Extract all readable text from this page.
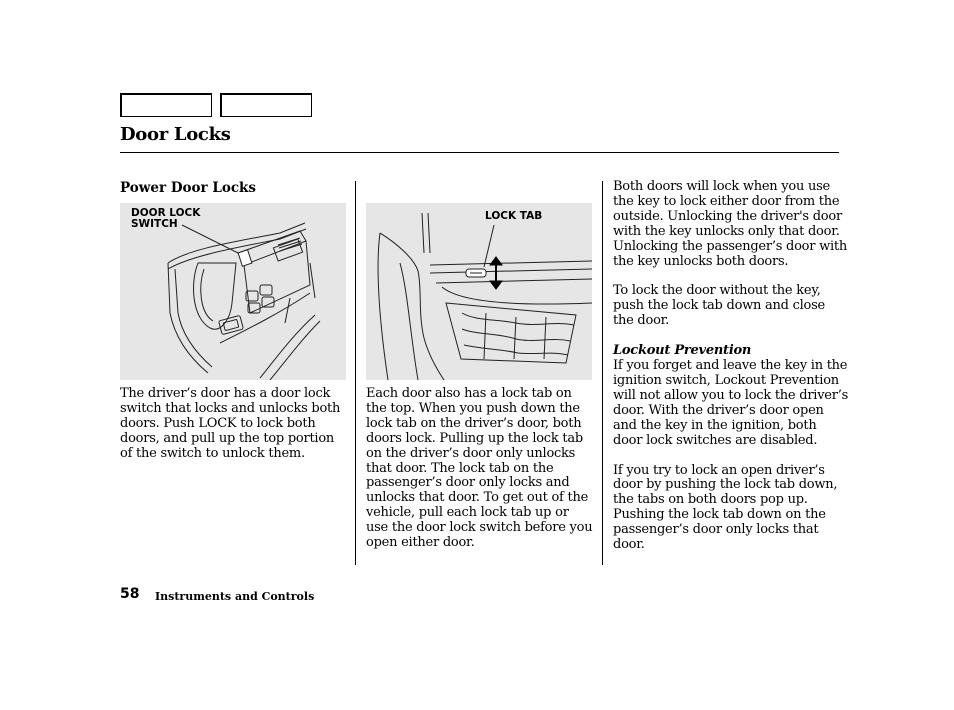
Door Locks
Power Door Locks
DOOR LOCK
SWITCH
LOCK TAB

The driver’s door has a door lock switch that locks and unlocks both doors. Push LOCK to lock both doors, and pull up the top portion of the switch to unlock them.

Each door also has a lock tab on the top. When you push down the lock tab on the driver’s door, both doors lock. Pulling up the lock tab on the driver’s door only unlocks that door. The lock tab on the passenger’s door only locks and unlocks that door. To get out of the vehicle, pull each lock tab up or use the door lock switch before you open either door.

Both doors will lock when you use the key to lock either door from the outside. Unlocking the driver's door with the key unlocks only that door. Unlocking the passenger’s door with the key unlocks both doors.

To lock the door without the key, push the lock tab down and close the door.

Lockout Prevention
If you forget and leave the key in the ignition switch, Lockout Prevention will not allow you to lock the driver’s door. With the driver’s door open and the key in the ignition, both door lock switches are disabled.

If you try to lock an open driver’s door by pushing the lock tab down, the tabs on both doors pop up. Pushing the lock tab down on the passenger’s door only locks that door.

58 Instruments and Controls
